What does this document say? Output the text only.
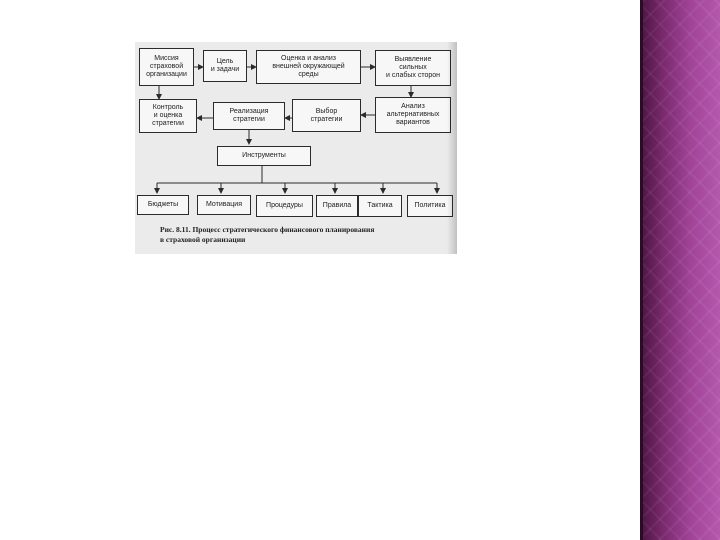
Миссия
страховой
организации
Цель
и задачи
Оценка и анализ
внешней окружающей
среды
Выявление
сильных
и слабых сторон
Контроль
и оценка
стратегии
Реализация
стратегии
Выбор
стратегии
Анализ
альтернативных
вариантов
Инструменты
Бюджеты	Мотивация	Процедуры	Правила	Тактика	Политика
Рис. 8.11. Процесс стратегического финансового планирования
в страховой организации
